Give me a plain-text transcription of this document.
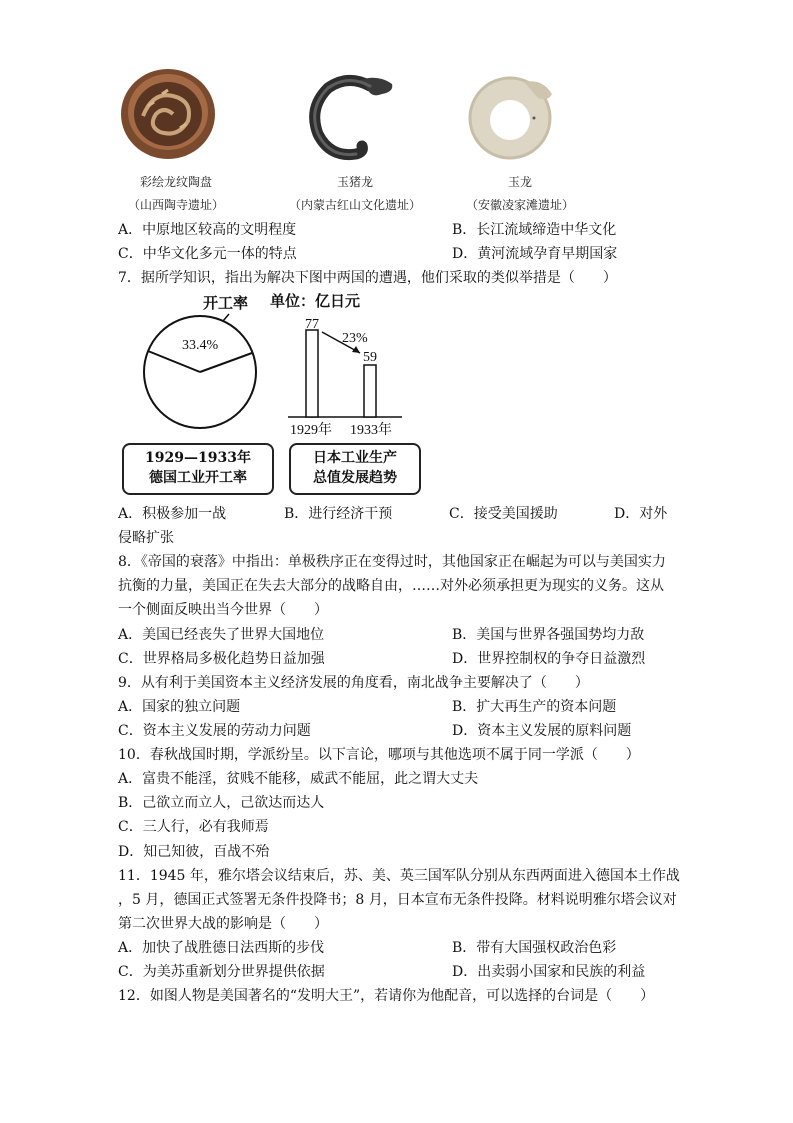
彩绘龙纹陶盘	玉猪龙	玉龙
（山西陶寺遗址）	（内蒙古红山文化遗址）	（安徽凌家滩遗址）
A．中原地区较高的文明程度	B．长江流域缔造中华文化
C．中华文化多元一体的特点	D．黄河流域孕育早期国家
7．据所学知识，指出为解决下图中两国的遭遇，他们采取的类似举措是（　　）
开工率
33.4%
单位：亿日元
77
59
23%
1929年 1933年
1929—1933年
德国工业开工率
日本工业生产
总值发展趋势
A．积极参加一战	B．进行经济干预	C．接受美国援助	D．对外
侵略扩张
8．《帝国的衰落》中指出：单极秩序正在变得过时，其他国家正在崛起为可以与美国实力
抗衡的力量，美国正在失去大部分的战略自由，……对外必须承担更为现实的义务。这从
一个侧面反映出当今世界（　　）
A．美国已经丧失了世界大国地位	B．美国与世界各强国势均力敌
C．世界格局多极化趋势日益加强	D．世界控制权的争夺日益激烈
9．从有利于美国资本主义经济发展的角度看，南北战争主要解决了（　　）
A．国家的独立问题	B．扩大再生产的资本问题
C．资本主义发展的劳动力问题	D．资本主义发展的原料问题
10．春秋战国时期，学派纷呈。以下言论，哪项与其他选项不属于同一学派（　　）
A．富贵不能淫，贫贱不能移，威武不能屈，此之谓大丈夫
B．己欲立而立人，己欲达而达人
C．三人行，必有我师焉
D．知己知彼，百战不殆
11．1945 年，雅尔塔会议结束后，苏、美、英三国军队分别从东西两面进入德国本土作战
，5 月，德国正式签署无条件投降书；8 月，日本宣布无条件投降。材料说明雅尔塔会议对
第二次世界大战的影响是（　　）
A．加快了战胜德日法西斯的步伐	B．带有大国强权政治色彩
C．为美苏重新划分世界提供依据	D．出卖弱小国家和民族的利益
12．如图人物是美国著名的“发明大王”，若请你为他配音，可以选择的台词是（　　）
